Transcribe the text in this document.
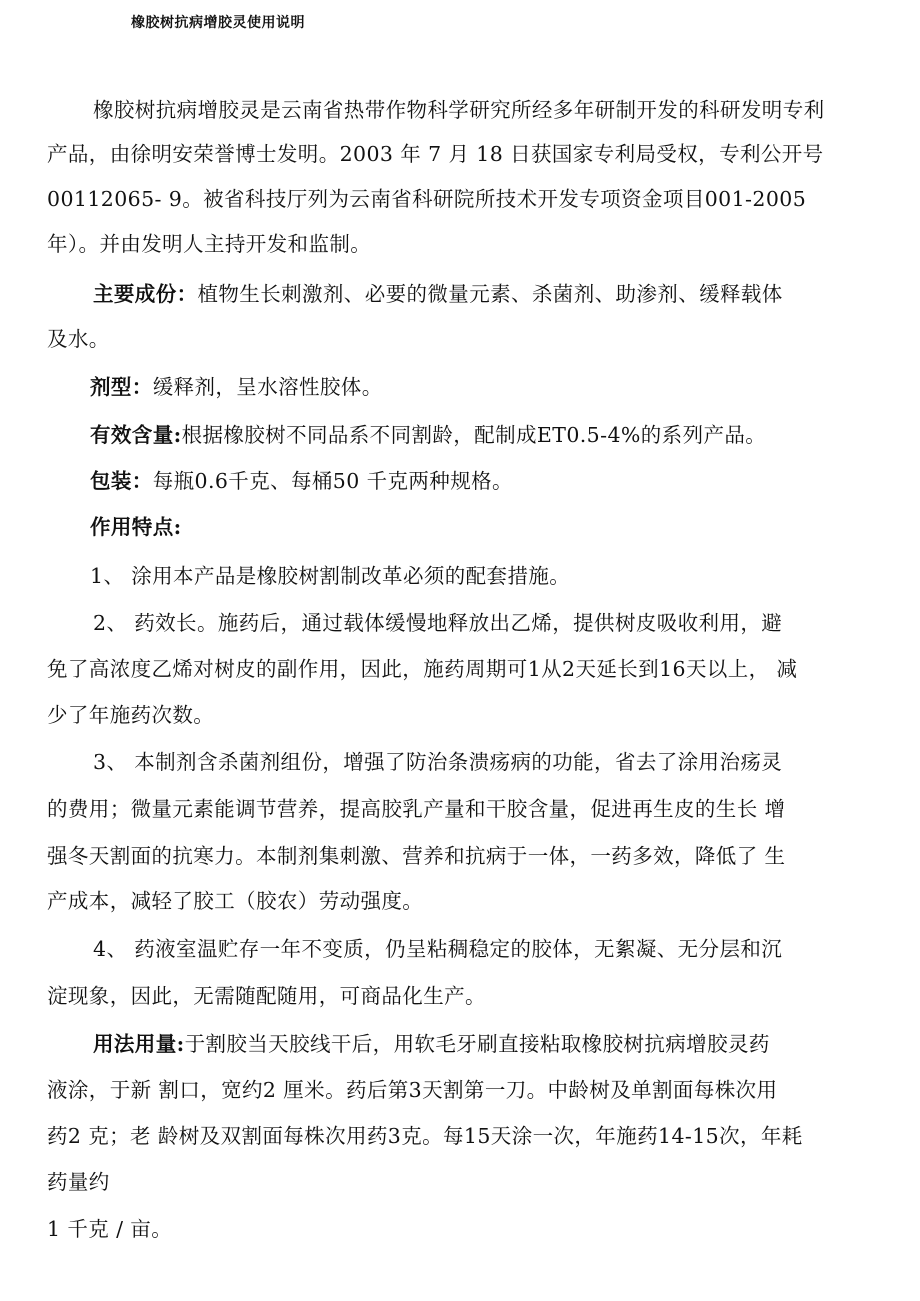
橡胶树抗病增胶灵使用说明
橡胶树抗病增胶灵是云南省热带作物科学研究所经多年研制开发的科研发明专利
产品，由徐明安荣誉博士发明。2003 年 7 月 18 日获国家专利局受权，专利公开号
00112065- 9。被省科技厅列为云南省科研院所技术开发专项资金项目001-2005
年）。并由发明人主持开发和监制。
主要成份：植物生长刺激剂、必要的微量元素、杀菌剂、助渗剂、缓释载体
及水。
剂型：缓释剂，呈水溶性胶体。
有效含量:根据橡胶树不同品系不同割龄，配制成ET0.5-4%的系列产品。
包装：每瓶0.6千克、每桶50 千克两种规格。
作用特点:
1、 涂用本产品是橡胶树割制改革必须的配套措施。
2、 药效长。施药后，通过载体缓慢地释放出乙烯，提供树皮吸收利用，避
免了高浓度乙烯对树皮的副作用，因此，施药周期可1从2天延长到16天以上， 减
少了年施药次数。
3、 本制剂含杀菌剂组份，增强了防治条溃疡病的功能，省去了涂用治疡灵
的费用；微量元素能调节营养，提高胶乳产量和干胶含量，促进再生皮的生长 增
强冬天割面的抗寒力。本制剂集刺激、营养和抗病于一体，一药多效，降低了 生
产成本，减轻了胶工（胶农）劳动强度。
4、 药液室温贮存一年不变质，仍呈粘稠稳定的胶体，无絮凝、无分层和沉
淀现象，因此，无需随配随用，可商品化生产。
用法用量:于割胶当天胶线干后，用软毛牙刷直接粘取橡胶树抗病增胶灵药
液涂，于新 割口，宽约2 厘米。药后第3天割第一刀。中龄树及单割面每株次用
药2 克；老 龄树及双割面每株次用药3克。每15天涂一次，年施药14-15次，年耗
药量约
1 千克 / 亩。
